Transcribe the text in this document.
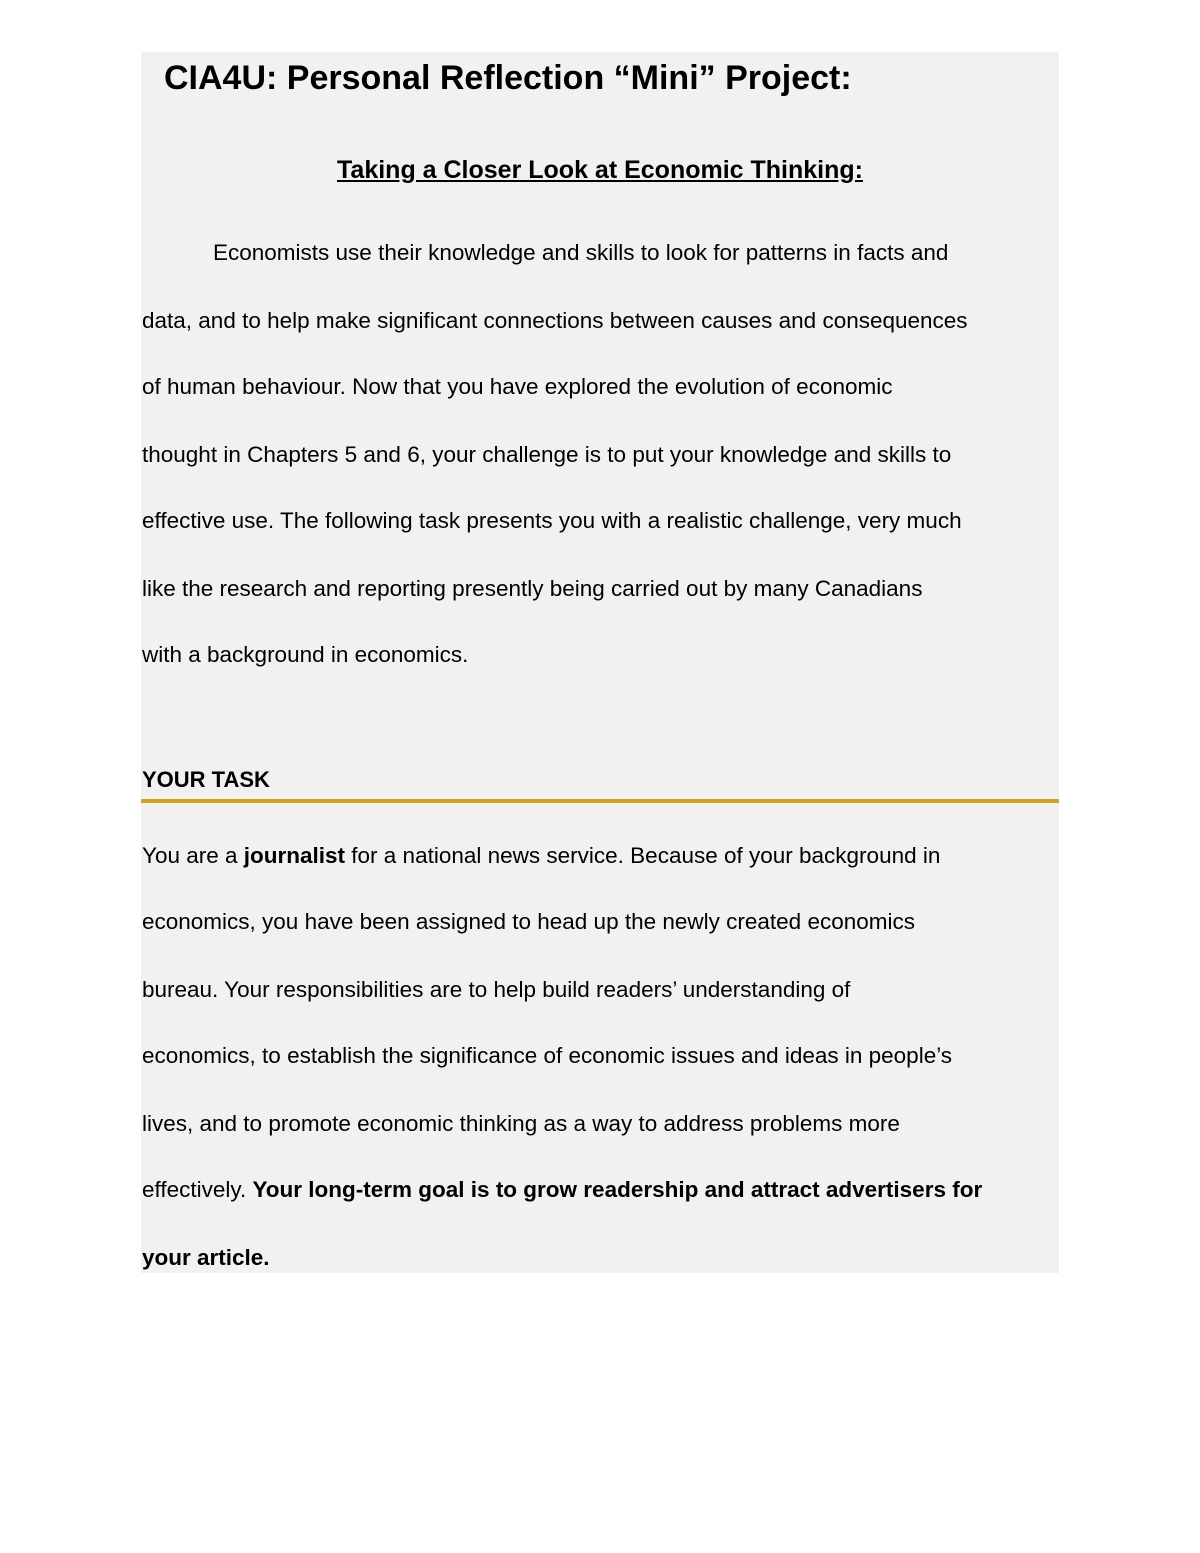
CIA4U: Personal Reflection “Mini” Project:
Taking a Closer Look at Economic Thinking:

Economists use their knowledge and skills to look for patterns in facts and

data, and to help make significant connections between causes and consequences

of human behaviour. Now that you have explored the evolution of economic

thought in Chapters 5 and 6, your challenge is to put your knowledge and skills to

effective use. The following task presents you with a realistic challenge, very much

like the research and reporting presently being carried out by many Canadians

with a background in economics.

YOUR TASK

You are a journalist for a national news service. Because of your background in

economics, you have been assigned to head up the newly created economics

bureau. Your responsibilities are to help build readers’ understanding of

economics, to establish the significance of economic issues and ideas in people’s

lives, and to promote economic thinking as a way to address problems more

effectively. Your long-term goal is to grow readership and attract advertisers for

your article.
